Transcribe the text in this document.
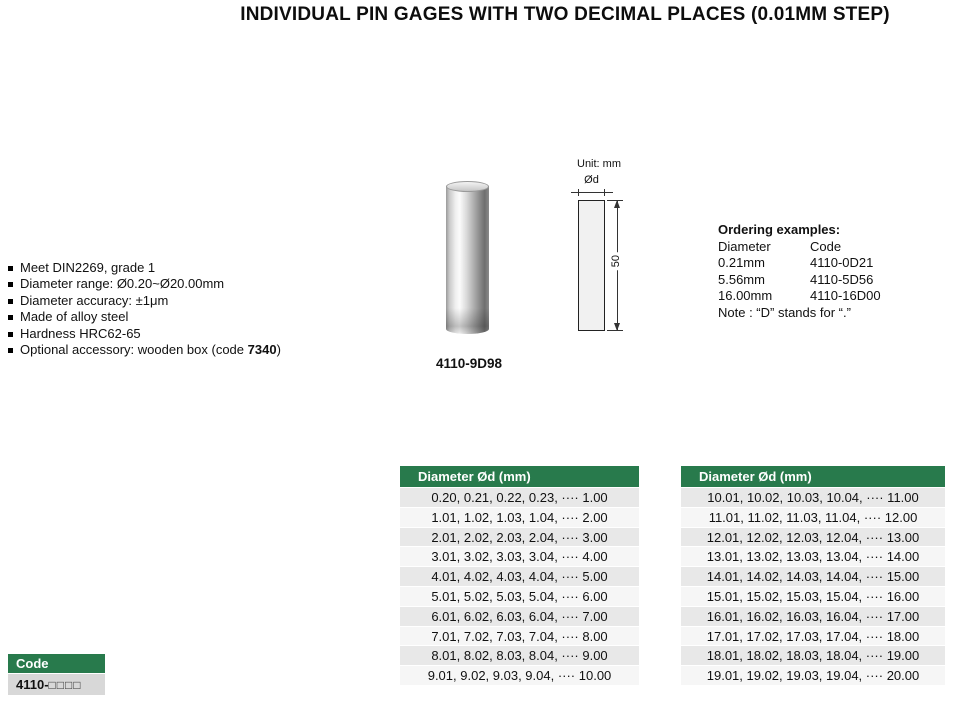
INDIVIDUAL PIN GAGES WITH TWO DECIMAL PLACES (0.01MM STEP)
Meet DIN2269, grade 1
Diameter range: Ø0.20~Ø20.00mm
Diameter accuracy: ±1μm
Made of alloy steel
Hardness HRC62-65
Optional accessory: wooden box (code 7340)
4110-9D98
Unit: mm
Ød
50
Ordering examples:
Diameter	Code
0.21mm	4110-0D21
5.56mm	4110-5D56
16.00mm	4110-16D00
Note : “D” stands for “.”
Code
4110-□□□□
Diameter Ød (mm)
0.20, 0.21, 0.22, 0.23, ···· 1.00
1.01, 1.02, 1.03, 1.04, ···· 2.00
2.01, 2.02, 2.03, 2.04, ···· 3.00
3.01, 3.02, 3.03, 3.04, ···· 4.00
4.01, 4.02, 4.03, 4.04, ···· 5.00
5.01, 5.02, 5.03, 5.04, ···· 6.00
6.01, 6.02, 6.03, 6.04, ···· 7.00
7.01, 7.02, 7.03, 7.04, ···· 8.00
8.01, 8.02, 8.03, 8.04, ···· 9.00
9.01, 9.02, 9.03, 9.04, ···· 10.00
Diameter Ød (mm)
10.01, 10.02, 10.03, 10.04, ···· 11.00
11.01, 11.02, 11.03, 11.04, ···· 12.00
12.01, 12.02, 12.03, 12.04, ···· 13.00
13.01, 13.02, 13.03, 13.04, ···· 14.00
14.01, 14.02, 14.03, 14.04, ···· 15.00
15.01, 15.02, 15.03, 15.04, ···· 16.00
16.01, 16.02, 16.03, 16.04, ···· 17.00
17.01, 17.02, 17.03, 17.04, ···· 18.00
18.01, 18.02, 18.03, 18.04, ···· 19.00
19.01, 19.02, 19.03, 19.04, ···· 20.00
